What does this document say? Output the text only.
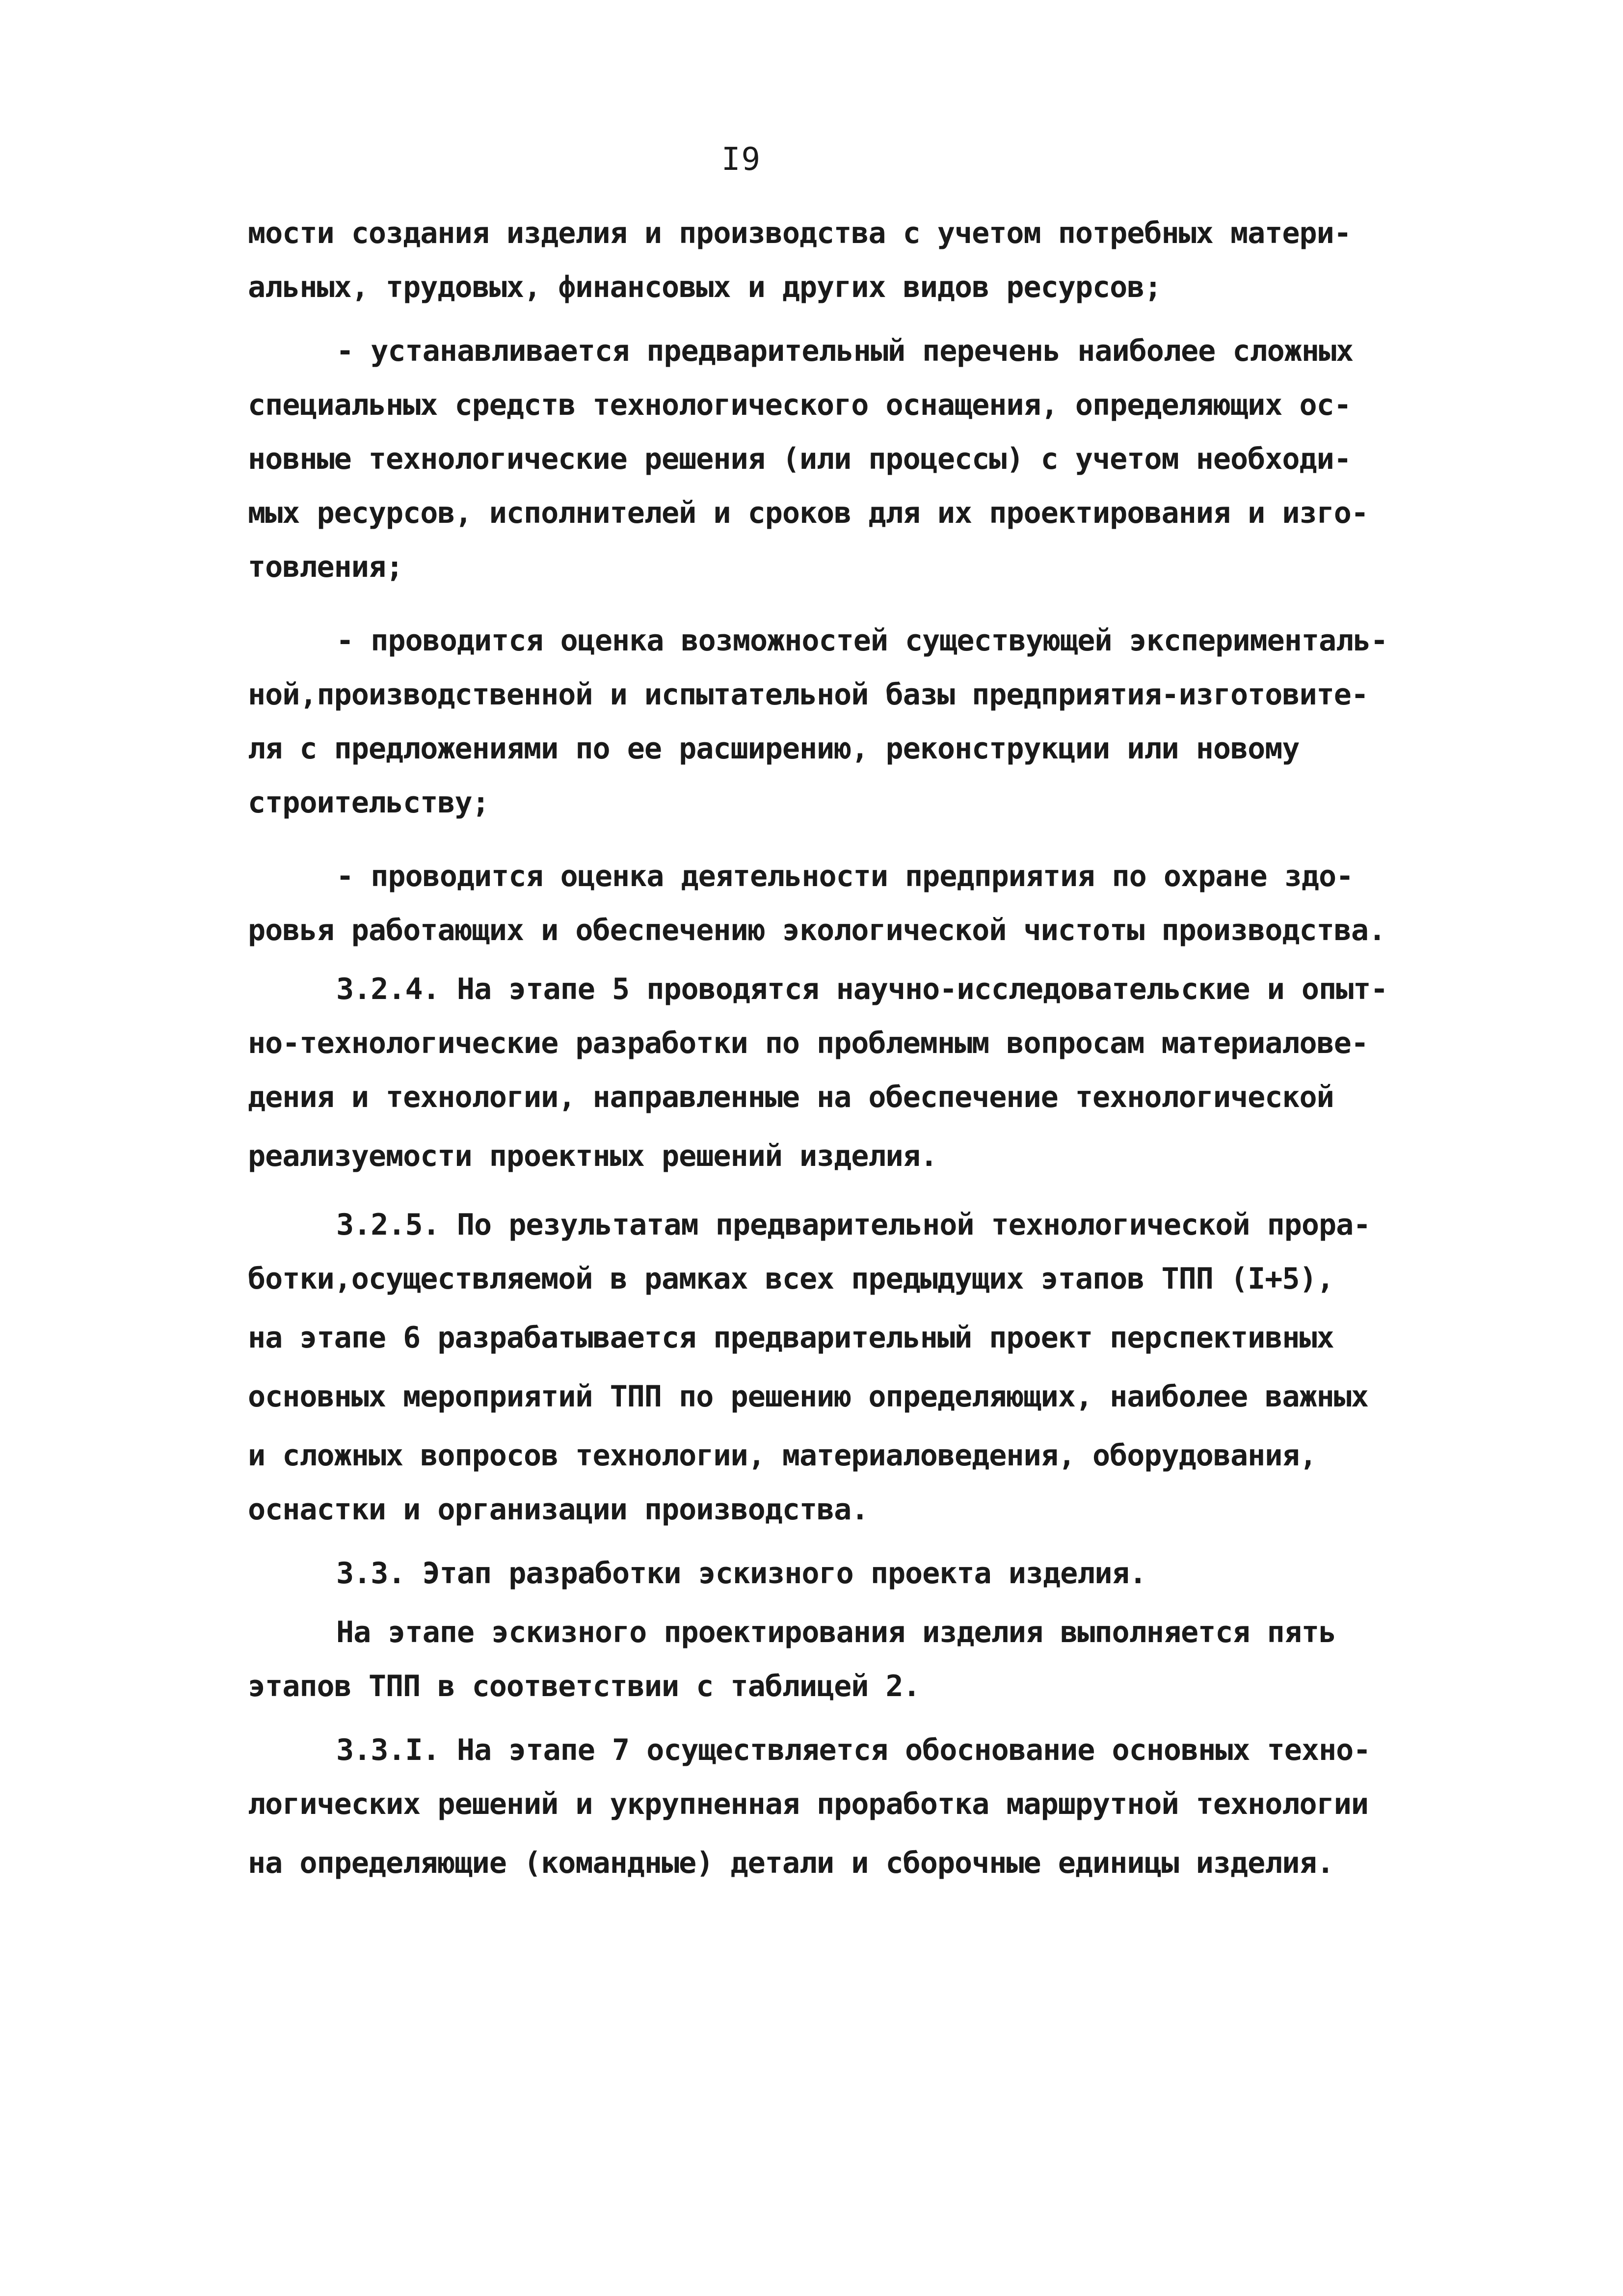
I9
мости создания изделия и производства с учетом потребных матери-
альных, трудовых, финансовых и других видов ресурсов;
- устанавливается предварительный перечень наиболее сложных
специальных средств технологического оснащения, определяющих ос-
новные технологические решения (или процессы) с учетом необходи-
мых ресурсов, исполнителей и сроков для их проектирования и изго-
товления;
- проводится оценка возможностей существующей эксперименталь-
ной,производственной и испытательной базы предприятия-изготовите-
ля с предложениями по ее расширению, реконструкции или новому
строительству;
- проводится оценка деятельности предприятия по охране здо-
ровья работающих и обеспечению экологической чистоты производства.
3.2.4. На этапе 5 проводятся научно-исследовательские и опыт-
но-технологические разработки по проблемным вопросам материалове-
дения и технологии, направленные на обеспечение технологической
реализуемости проектных решений изделия.
3.2.5. По результатам предварительной технологической прора-
ботки,осуществляемой в рамках всех предыдущих этапов ТПП (I+5),
на этапе 6 разрабатывается предварительный проект перспективных
основных мероприятий ТПП по решению определяющих, наиболее важных
и сложных вопросов технологии, материаловедения, оборудования,
оснастки и организации производства.
3.3. Этап разработки эскизного проекта изделия.
На этапе эскизного проектирования изделия выполняется пять
этапов ТПП в соответствии с таблицей 2.
3.3.I. На этапе 7 осуществляется обоснование основных техно-
логических решений и укрупненная проработка маршрутной технологии
на определяющие (командные) детали и сборочные единицы изделия.
